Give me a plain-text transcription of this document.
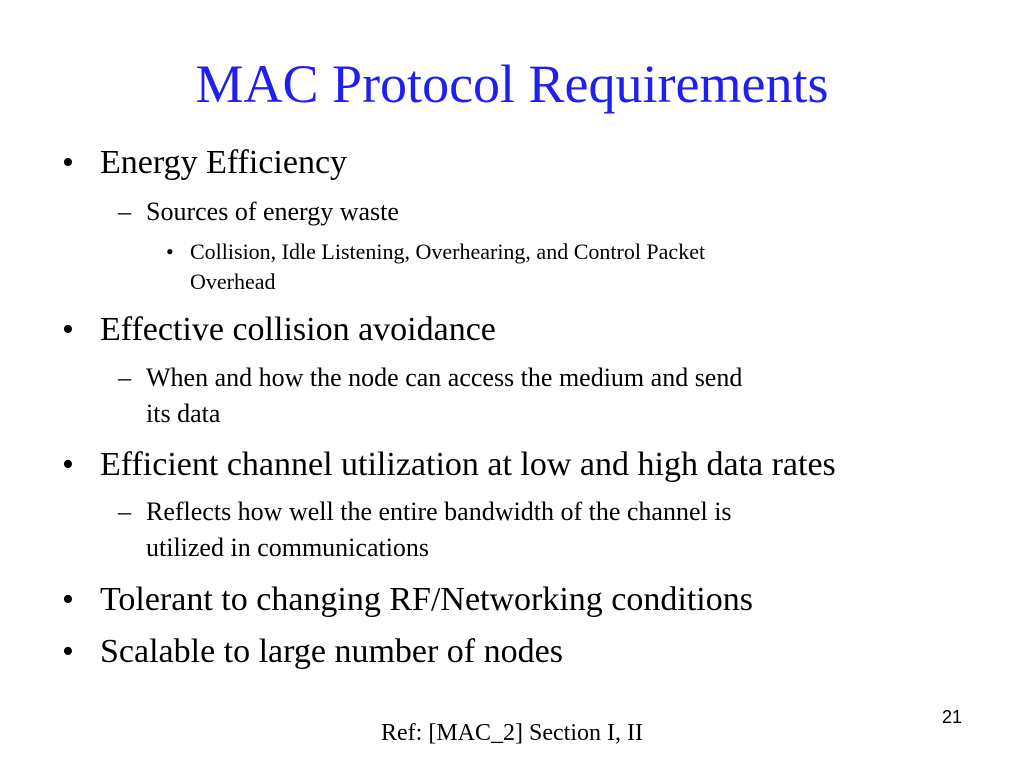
MAC Protocol Requirements
• Energy Efficiency
– Sources of energy waste
• Collision, Idle Listening, Overhearing, and Control Packet
Overhead
• Effective collision avoidance
– When and how the node can access the medium and send
its data
• Efficient channel utilization at low and high data rates
– Reflects how well the entire bandwidth of the channel is
utilized in communications
• Tolerant to changing RF/Networking conditions
• Scalable to large number of nodes
21
Ref: [MAC_2] Section I, II
